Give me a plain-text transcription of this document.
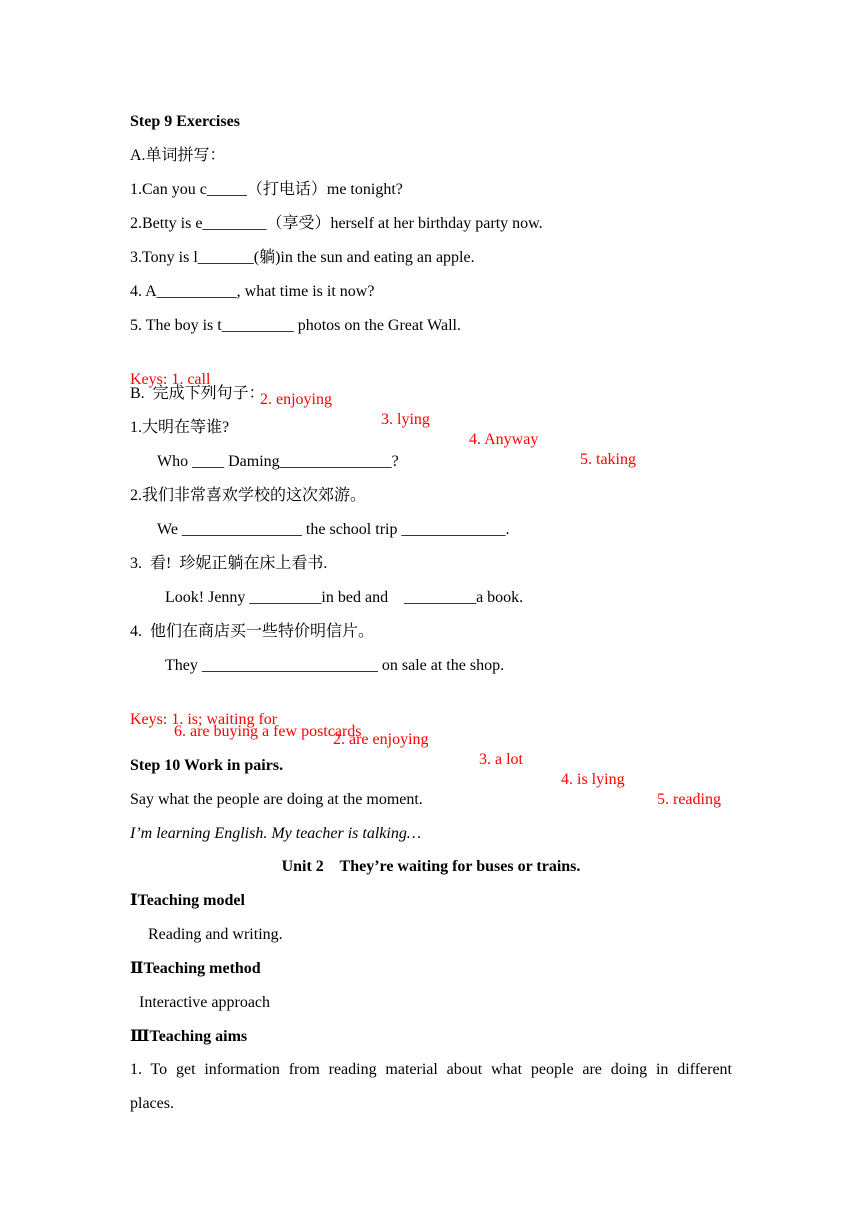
Step 9 Exercises
A.单词拼写：
1.Can you c_____（打电话）me tonight?
2.Betty is e________（享受）herself at her birthday party now.
3.Tony is l_______(躺)in the sun and eating an apple.
4. A__________, what time is it now?
5. The boy is t_________ photos on the Great Wall.

Keys: 1. call

2. enjoying

3. lying

4. Anyway

5. taking

B.  完成下列句子：
1.大明在等谁?
Who ____ Daming______________?
2.我们非常喜欢学校的这次郊游。
We _______________ the school trip _____________.
3.  看!  珍妮正躺在床上看书.
Look! Jenny _________in bed and    _________a book.
4.  他们在商店买一些特价明信片。
They ______________________ on sale at the shop.

Keys: 1. is; waiting for

2. are enjoying

3. a lot

4. is lying

5. reading

6. are buying a few postcards
Step 10 Work in pairs.
Say what the people are doing at the moment.
I’m learning English. My teacher is talking…
Unit 2    They’re waiting for buses or trains.
ⅠTeaching model
Reading and writing.
ⅡTeaching method
Interactive approach
ⅢTeaching aims
1. To get information from reading material about what people are doing in different
places.
